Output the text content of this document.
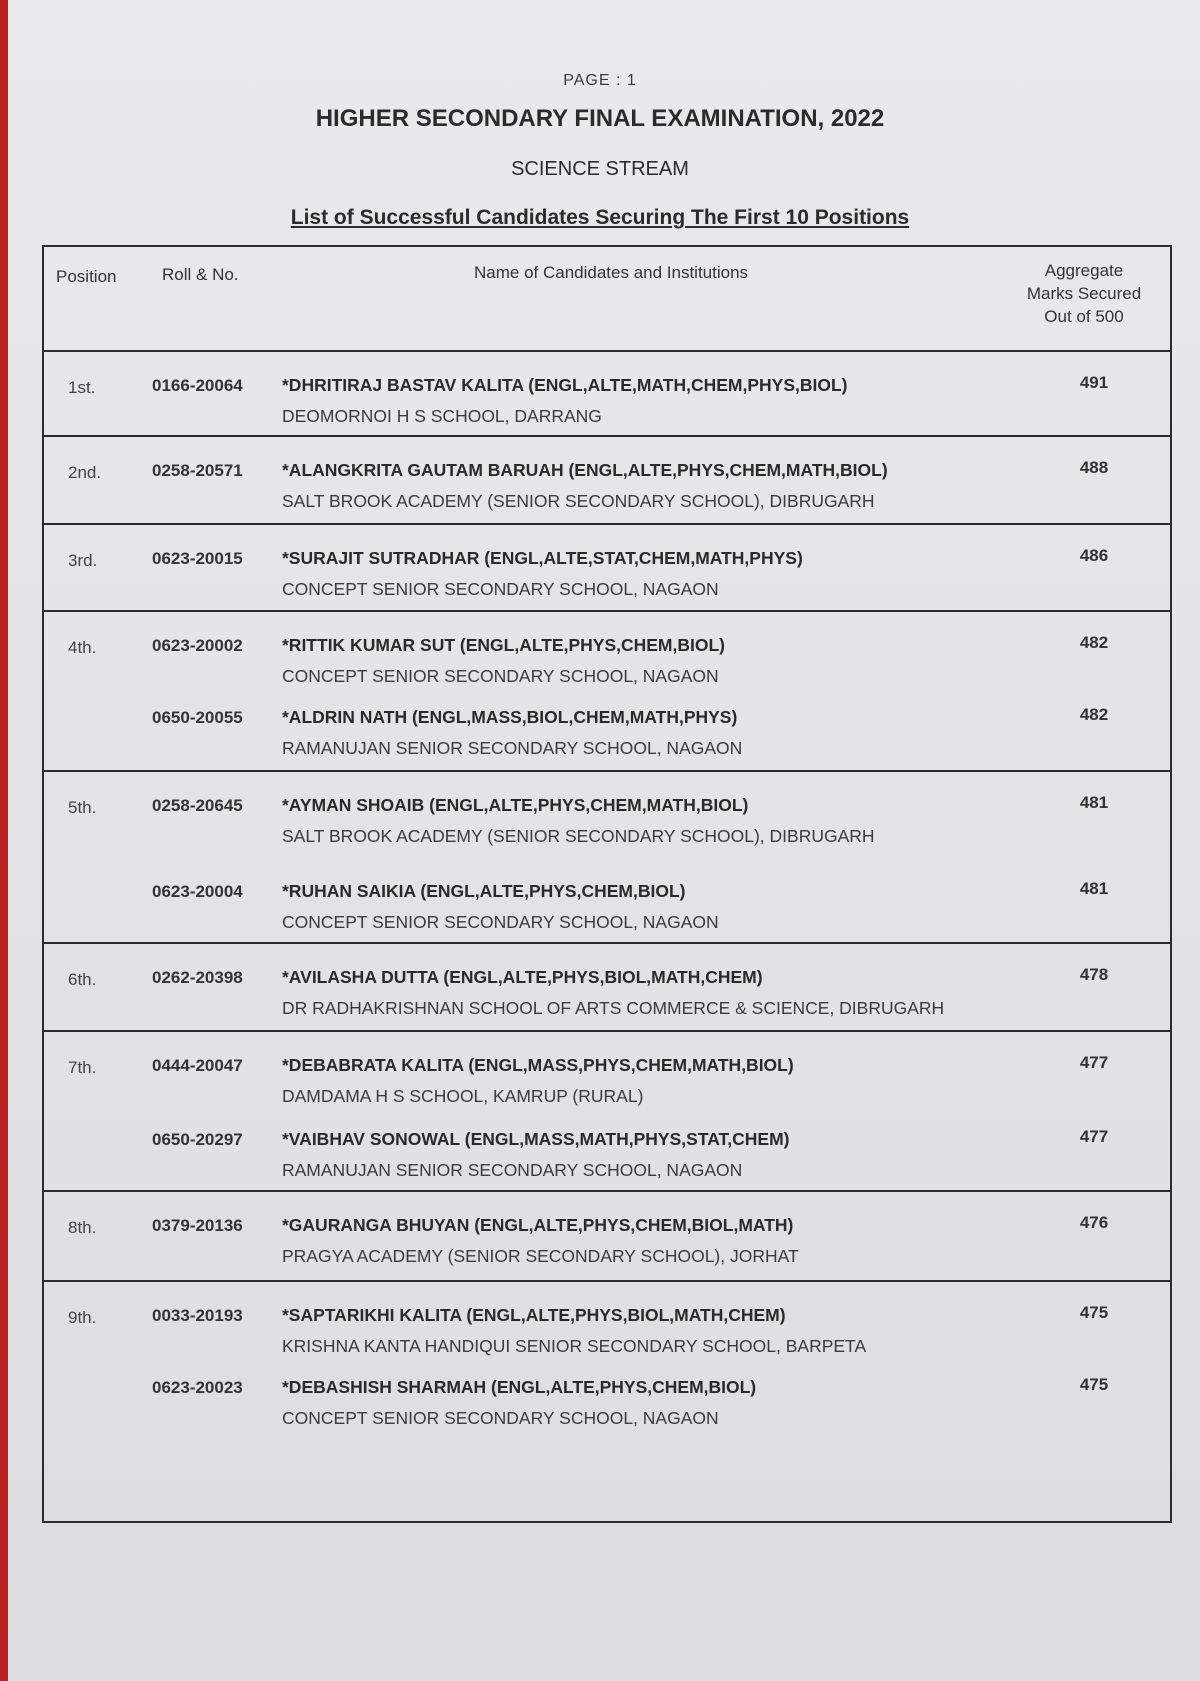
PAGE : 1
HIGHER SECONDARY FINAL EXAMINATION, 2022
SCIENCE STREAM
List of Successful Candidates Securing The First 10 Positions
Position	Roll & No.	Name of Candidates and Institutions	Aggregate
Marks Secured
Out of 500
1st.	0166-20064 *DHRITIRAJ BASTAV KALITA (ENGL,ALTE,MATH,CHEM,PHYS,BIOL)
DEOMORNOI H S SCHOOL, DARRANG
491
2nd.	0258-20571 *ALANGKRITA GAUTAM BARUAH (ENGL,ALTE,PHYS,CHEM,MATH,BIOL)
SALT BROOK ACADEMY (SENIOR SECONDARY SCHOOL), DIBRUGARH
488
3rd.	0623-20015 *SURAJIT SUTRADHAR (ENGL,ALTE,STAT,CHEM,MATH,PHYS)
CONCEPT SENIOR SECONDARY SCHOOL, NAGAON
486
4th.	0623-20002 *RITTIK KUMAR SUT (ENGL,ALTE,PHYS,CHEM,BIOL)
CONCEPT SENIOR SECONDARY SCHOOL, NAGAON
482
0650-20055 *ALDRIN NATH (ENGL,MASS,BIOL,CHEM,MATH,PHYS)
RAMANUJAN SENIOR SECONDARY SCHOOL, NAGAON
482
5th.	0258-20645 *AYMAN SHOAIB (ENGL,ALTE,PHYS,CHEM,MATH,BIOL)
SALT BROOK ACADEMY (SENIOR SECONDARY SCHOOL), DIBRUGARH
481
0623-20004 *RUHAN SAIKIA (ENGL,ALTE,PHYS,CHEM,BIOL)
CONCEPT SENIOR SECONDARY SCHOOL, NAGAON
481
6th.	0262-20398 *AVILASHA DUTTA (ENGL,ALTE,PHYS,BIOL,MATH,CHEM)
DR RADHAKRISHNAN SCHOOL OF ARTS COMMERCE & SCIENCE, DIBRUGARH
478
7th.	0444-20047 *DEBABRATA KALITA (ENGL,MASS,PHYS,CHEM,MATH,BIOL)
DAMDAMA H S SCHOOL, KAMRUP (RURAL)
477
0650-20297 *VAIBHAV SONOWAL (ENGL,MASS,MATH,PHYS,STAT,CHEM)
RAMANUJAN SENIOR SECONDARY SCHOOL, NAGAON
477
8th.	0379-20136 *GAURANGA BHUYAN (ENGL,ALTE,PHYS,CHEM,BIOL,MATH)
PRAGYA ACADEMY (SENIOR SECONDARY SCHOOL), JORHAT
476
9th.	0033-20193 *SAPTARIKHI KALITA (ENGL,ALTE,PHYS,BIOL,MATH,CHEM)
KRISHNA KANTA HANDIQUI SENIOR SECONDARY SCHOOL, BARPETA
475
0623-20023 *DEBASHISH SHARMAH (ENGL,ALTE,PHYS,CHEM,BIOL)
CONCEPT SENIOR SECONDARY SCHOOL, NAGAON
475
